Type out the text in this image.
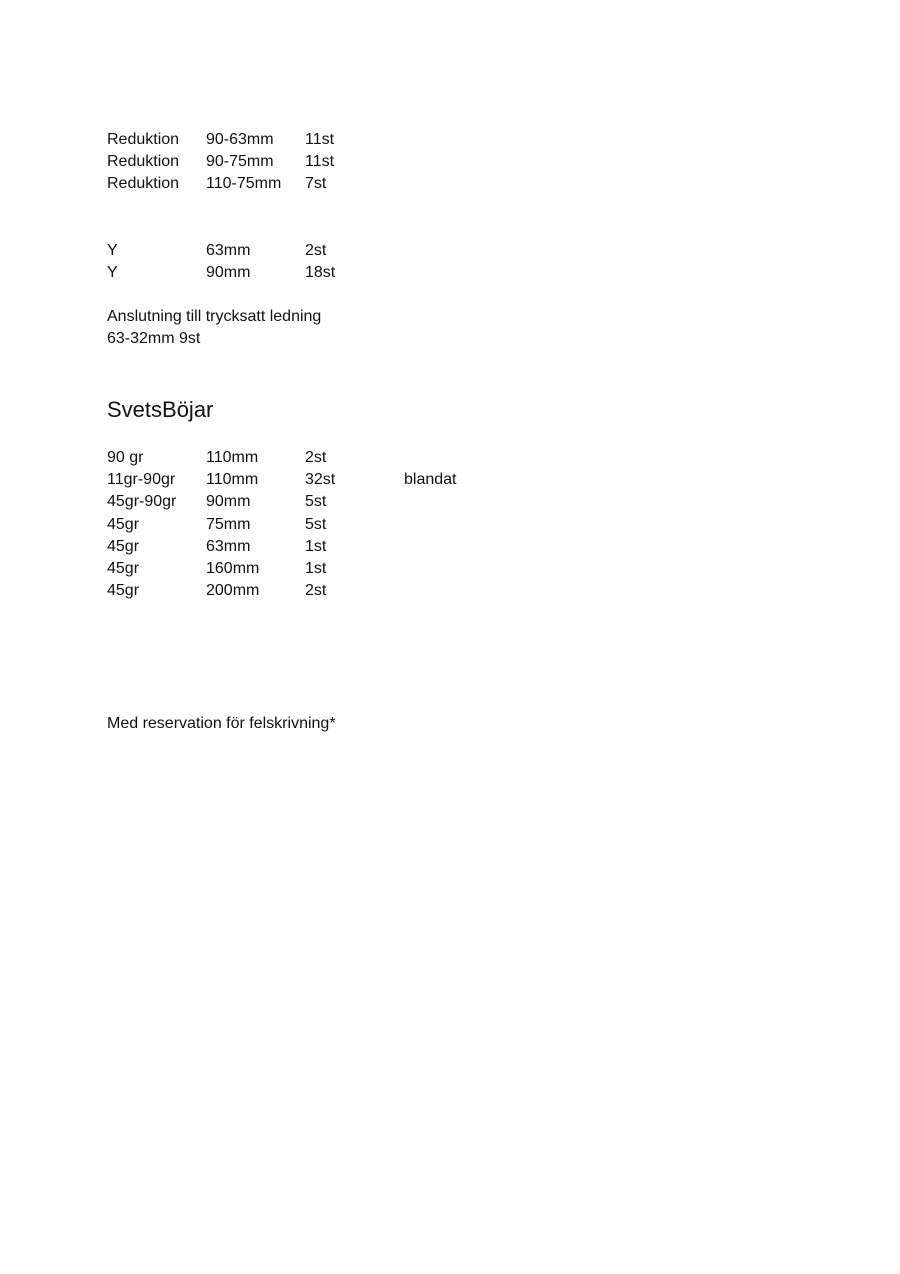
Reduktion	90-63mm	11st
Reduktion	90-75mm	11st
Reduktion	110-75mm	7st
Y	63mm	2st
Y	90mm	18st
Anslutning till trycksatt ledning
63-32mm 9st
SvetsBöjar
90 gr	110mm	2st
11gr-90gr	110mm	32st	blandat
45gr-90gr	90mm	5st
45gr	75mm	5st
45gr	63mm	1st
45gr	160mm	1st
45gr	200mm	2st
Med reservation för felskrivning*
